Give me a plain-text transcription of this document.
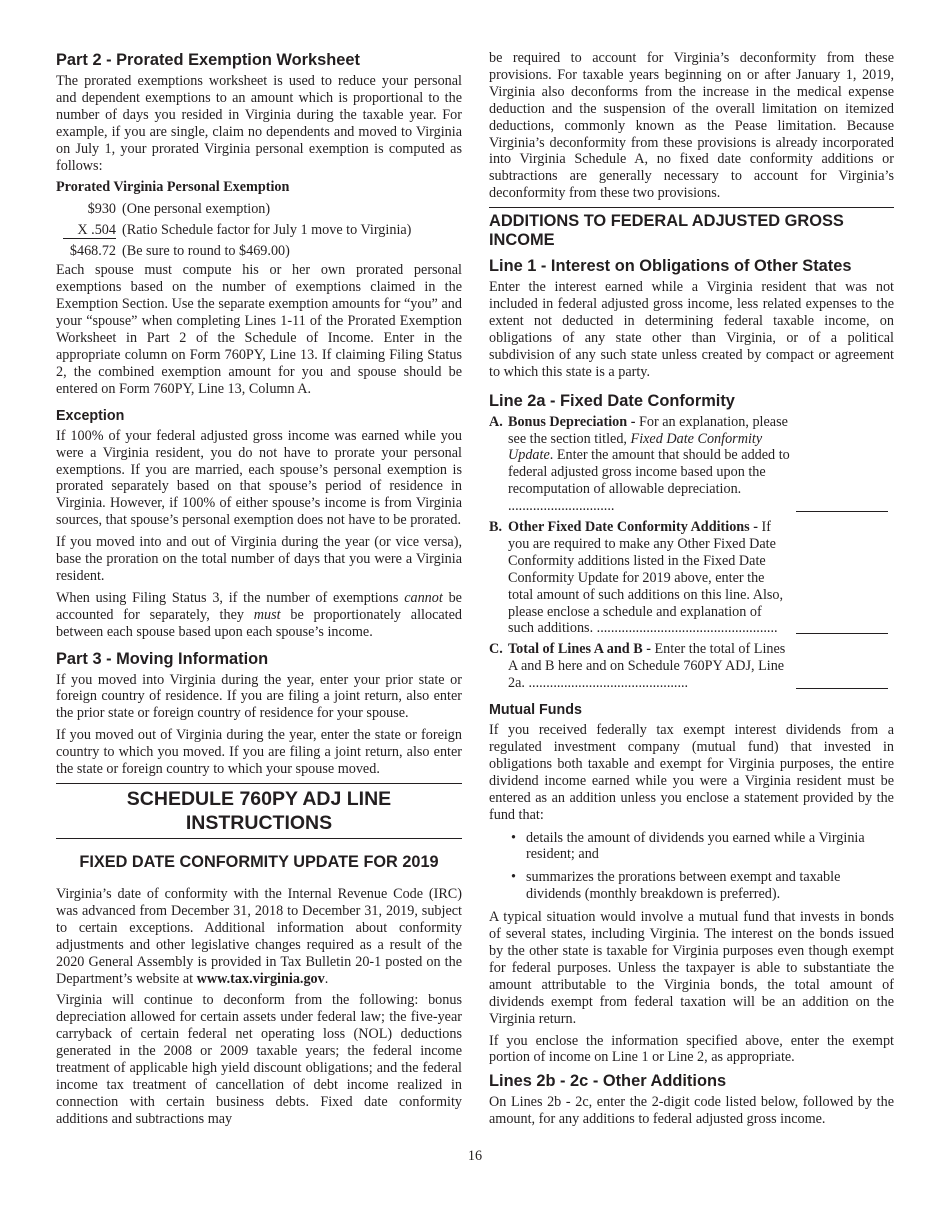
Part 2 - Prorated Exemption Worksheet

The prorated exemptions worksheet is used to reduce your personal and dependent exemptions to an amount which is proportional to the number of days you resided in Virginia during the taxable year. For example, if you are single, claim no dependents and moved to Virginia on July 1, your prorated Virginia personal exemption is computed as follows:

Prorated Virginia Personal Exemption
$930 (One personal exemption)
X .504 (Ratio Schedule factor for July 1 move to Virginia)
$468.72 (Be sure to round to $469.00)

Each spouse must compute his or her own prorated personal exemptions based on the number of exemptions claimed in the Exemption Section. Use the separate exemption amounts for “you” and your “spouse” when completing Lines 1-11 of the Prorated Exemption Worksheet in Part 2 of the Schedule of Income. Enter in the appropriate column on Form 760PY, Line 13. If claiming Filing Status 2, the combined exemption amount for you and spouse should be entered on Form 760PY, Line 13, Column A.

Exception

If 100% of your federal adjusted gross income was earned while you were a Virginia resident, you do not have to prorate your personal exemptions. If you are married, each spouse’s personal exemption is prorated separately based on that spouse’s period of residence in Virginia. However, if 100% of either spouse’s income is from Virginia sources, that spouse’s personal exemption does not have to be prorated.

If you moved into and out of Virginia during the year (or vice versa), base the proration on the total number of days that you were a Virginia resident.

When using Filing Status 3, if the number of exemptions cannot be accounted for separately, they must be proportionately allocated between each spouse based upon each spouse’s income.

Part 3 - Moving Information

If you moved into Virginia during the year, enter your prior state or foreign country of residence. If you are filing a joint return, also enter the prior state or foreign country of residence for your spouse.

If you moved out of Virginia during the year, enter the state or foreign country to which you moved. If you are filing a joint return, also enter the state or foreign country to which your spouse moved.

SCHEDULE 760PY ADJ LINE
INSTRUCTIONS
FIXED DATE CONFORMITY UPDATE FOR 2019

Virginia’s date of conformity with the Internal Revenue Code (IRC) was advanced from December 31, 2018 to December 31, 2019, subject to certain exceptions. Additional information about conformity adjustments and other legislative changes required as a result of the 2020 General Assembly is provided in Tax Bulletin 20-1 posted on the Department’s website at www.tax.virginia.gov.

Virginia will continue to deconform from the following: bonus depreciation allowed for certain assets under federal law; the five-year carryback of certain federal net operating loss (NOL) deductions generated in the 2008 or 2009 taxable years; the federal income treatment of applicable high yield discount obligations; and the federal income tax treatment of cancellation of debt income realized in connection with certain business debts. Fixed date conformity additions and subtractions may

be required to account for Virginia’s deconformity from these provisions. For taxable years beginning on or after January 1, 2019, Virginia also deconforms from the increase in the medical expense deduction and the suspension of the overall limitation on itemized deductions, commonly known as the Pease limitation. Because Virginia’s deconformity from these provisions is already incorporated into Virginia Schedule A, no fixed date conformity additions or subtractions are generally necessary to account for Virginia’s deconformity from these two provisions.

ADDITIONS TO FEDERAL ADJUSTED GROSS INCOME
Line 1 - Interest on Obligations of Other States

Enter the interest earned while a Virginia resident that was not included in federal adjusted gross income, less related expenses to the extent not deducted in determining federal taxable income, on obligations of any state other than Virginia, or of a political subdivision of any such state unless created by compact or agreement to which this state is a party.

Line 2a - Fixed Date Conformity
A. Bonus Depreciation - For an explanation, please see the section titled, Fixed Date Conformity Update. Enter the amount that should be added to federal adjusted gross income based upon the recomputation of allowable depreciation. ..............................
B. Other Fixed Date Conformity Additions - If you are required to make any Other Fixed Date Conformity additions listed in the Fixed Date Conformity Update for 2019 above, enter the total amount of such additions on this line. Also, please enclose a schedule and explanation of such additions. ...................................................
C. Total of Lines A and B - Enter the total of Lines A and B here and on Schedule 760PY ADJ, Line 2a. .............................................
Mutual Funds

If you received federally tax exempt interest dividends from a regulated investment company (mutual fund) that invested in obligations both taxable and exempt for Virginia purposes, the entire dividend income earned while you were a Virginia resident must be entered as an addition unless you enclose a statement provided by the fund that:

• details the amount of dividends you earned while a Virginia resident; and
• summarizes the prorations between exempt and taxable dividends (monthly breakdown is preferred).

A typical situation would involve a mutual fund that invests in bonds of several states, including Virginia. The interest on the bonds issued by the other state is taxable for Virginia purposes even though exempt for federal purposes. Unless the taxpayer is able to substantiate the amount attributable to the Virginia bonds, the total amount of dividends exempt from federal taxation will be an addition on the Virginia return.

If you enclose the information specified above, enter the exempt portion of income on Line 1 or Line 2, as appropriate.

Lines 2b - 2c - Other Additions

On Lines 2b - 2c, enter the 2-digit code listed below, followed by the amount, for any additions to federal adjusted gross income.

16
